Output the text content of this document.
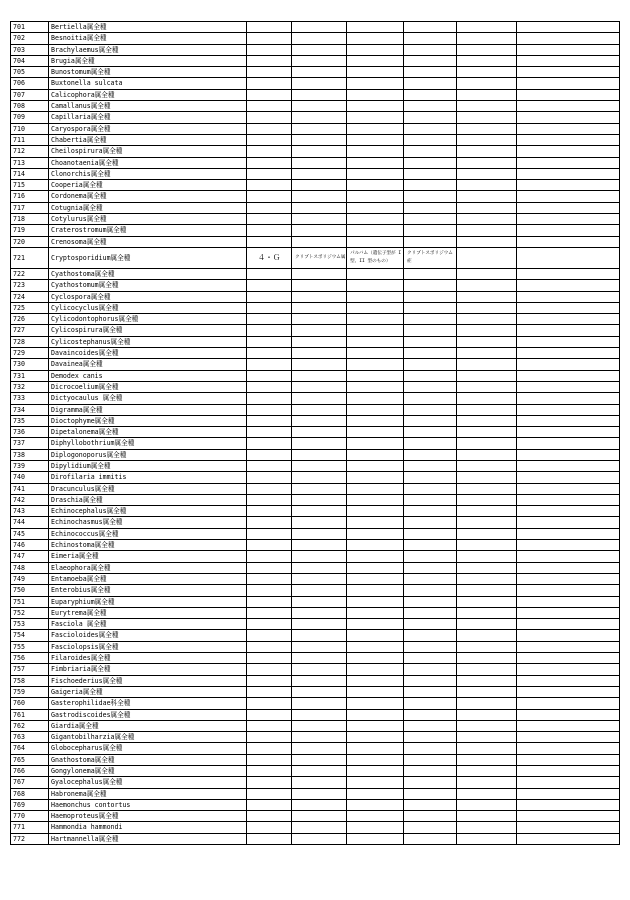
701	Bertiella属全種						
702	Besnoitia属全種						
703	Brachylaemus属全種						
704	Brugia属全種						
705	Bunostomum属全種						
706	Buxtonella sulcata						
707	Calicophora属全種						
708	Camallanus属全種						
709	Capillaria属全種						
710	Caryospora属全種						
711	Chabertia属全種						
712	Cheilospirura属全種						
713	Choanotaenia属全種						
714	Clonorchis属全種						
715	Cooperia属全種						
716	Cordonema属全種						
717	Cotugnia属全種						
718	Cotylurus属全種						
719	Craterostromum属全種						
720	Crenosoma属全種						
721	Cryptosporidium属全種	４・Ｇ	クリプトスポリジウム属	パルバム（遺伝子型が I 型、II 型のもの）	クリプトスポリジウム症		
722	Cyathostoma属全種						
723	Cyathostomum属全種						
724	Cyclospora属全種						
725	Cylicocyclus属全種						
726	Cylicodontophorus属全種						
727	Cylicospirura属全種						
728	Cylicostephanus属全種						
729	Davaincoides属全種						
730	Davainea属全種						
731	Demodex canis						
732	Dicrocoelium属全種						
733	Dictyocaulus 属全種						
734	Digramma属全種						
735	Dioctophyme属全種						
736	Dipetalonema属全種						
737	Diphyllobothrium属全種						
738	Diplogonoporus属全種						
739	Dipylidium属全種						
740	Dirofilaria immitis						
741	Dracunculus属全種						
742	Draschia属全種						
743	Echinocephalus属全種						
744	Echinochasmus属全種						
745	Echinococcus属全種						
746	Echinostoma属全種						
747	Eimeria属全種						
748	Elaeophora属全種						
749	Entamoeba属全種						
750	Enterobius属全種						
751	Euparyphium属全種						
752	Eurytrema属全種						
753	Fasciola 属全種						
754	Fascioloides属全種						
755	Fasciolopsis属全種						
756	Filaroides属全種						
757	Fimbriaria属全種						
758	Fischoederius属全種						
759	Gaigeria属全種						
760	Gasterophilidae科全種						
761	Gastrodiscoides属全種						
762	Giardia属全種						
763	Gigantobilharzia属全種						
764	Globocepharus属全種						
765	Gnathostoma属全種						
766	Gongylonema属全種						
767	Gyalocephalus属全種						
768	Habronema属全種						
769	Haemonchus contortus						
770	Haemoproteus属全種						
771	Hammondia hammondi						
772	Hartmannella属全種						
